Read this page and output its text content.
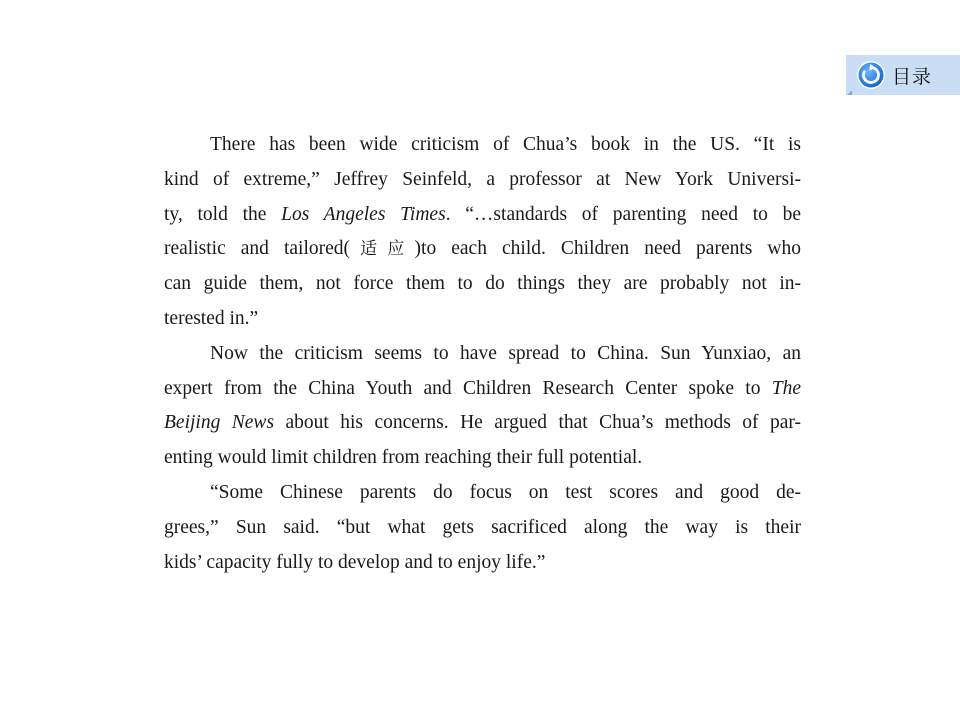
目录
There has been wide criticism of Chua’s book in the US. “It is
kind of extreme,” Jeffrey Seinfeld, a professor at New York Universi-
ty, told the Los Angeles Times. “…standards of parenting need to be
realistic and tailored(适应)to each child. Children need parents who
can guide them, not force them to do things they are probably not in-
terested in.”
Now the criticism seems to have spread to China. Sun Yunxiao, an
expert from the China Youth and Children Research Center spoke to The
Beijing News about his concerns. He argued that Chua’s methods of par-
enting would limit children from reaching their full potential.
“Some Chinese parents do focus on test scores and good de-
grees,” Sun said. “but what gets sacrificed along the way is their
kids’ capacity fully to develop and to enjoy life.”
